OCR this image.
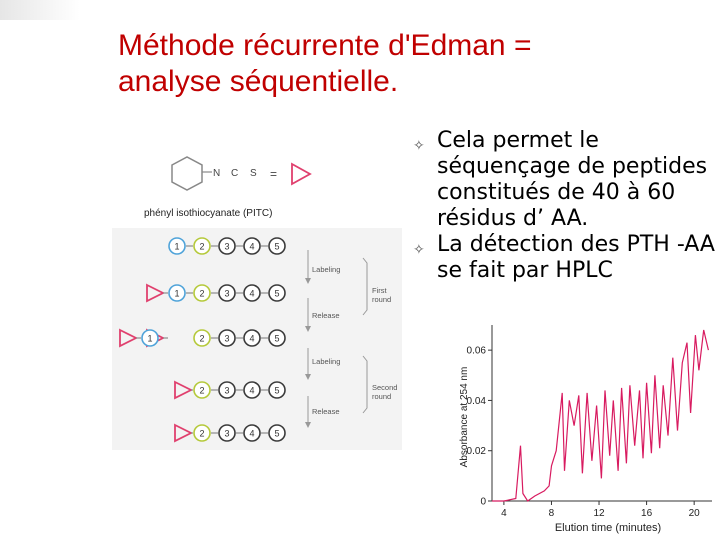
Méthode récurrente d'Edman =
analyse séquentielle.
✧ Cela permet le séquençage de peptides constitués de 40 à 60 résidus d’ AA.
✧ La détection des PTH -AA se fait par HPLC
N C S =
phényl isothiocyanate (PITC)
1 2 3 4 5
1 2 3 4 5
1	2 3 4 5
2 3 4 5
2 3 4 5
Labeling
Release
First
round
Labeling
Release
Second
round
4	8	12	16	20
0
0.02
0.04
0.06
Elution time (minutes)
Absorbance at 254 nm
